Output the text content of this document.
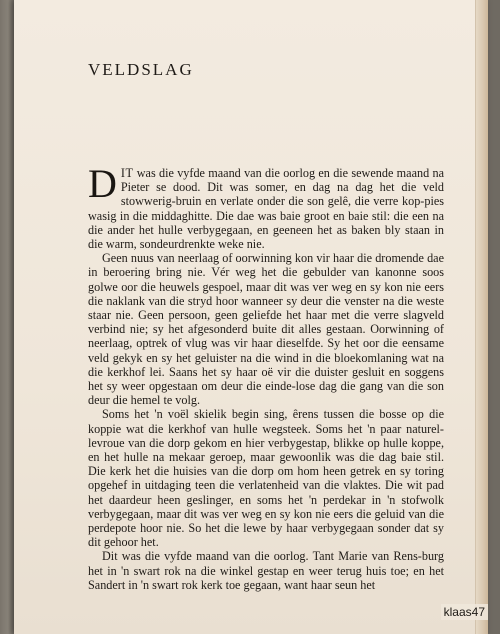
VELDSLAG

DIT was die vyfde maand van die oorlog en die sewende maand na Pieter se dood. Dit was somer, en dag na dag het die veld stowwerig-bruin en verlate onder die son gelê, die verre kop-pies wasig in die middaghitte. Die dae was baie groot en baie stil: die een na die ander het hulle verbygegaan, en geeneen het as baken bly staan in die warm, sondeurdrenkte weke nie.

Geen nuus van neerlaag of oorwinning kon vir haar die dromende dae in beroering bring nie. Vér weg het die gebulder van kanonne soos golwe oor die heuwels gespoel, maar dit was ver weg en sy kon nie eers die naklank van die stryd hoor wanneer sy deur die venster na die weste staar nie. Geen persoon, geen geliefde het haar met die verre slagveld verbind nie; sy het afgesonderd buite dit alles gestaan. Oorwinning of neerlaag, optrek of vlug was vir haar dieselfde. Sy het oor die eensame veld gekyk en sy het geluister na die wind in die bloekomlaning wat na die kerkhof lei. Saans het sy haar oë vir die duister gesluit en soggens het sy weer opgestaan om deur die einde-lose dag die gang van die son deur die hemel te volg.

Soms het 'n voël skielik begin sing, êrens tussen die bosse op die koppie wat die kerkhof van hulle wegsteek. Soms het 'n paar naturel-levroue van die dorp gekom en hier verbygestap, blikke op hulle koppe, en het hulle na mekaar geroep, maar gewoonlik was die dag baie stil. Die kerk het die huisies van die dorp om hom heen getrek en sy toring opgehef in uitdaging teen die verlatenheid van die vlaktes. Die wit pad het daardeur heen geslinger, en soms het 'n perdekar in 'n stofwolk verbygegaan, maar dit was ver weg en sy kon nie eers die geluid van die perdepote hoor nie. So het die lewe by haar verbygegaan sonder dat sy dit gehoor het.

Dit was die vyfde maand van die oorlog. Tant Marie van Rens-burg het in 'n swart rok na die winkel gestap en weer terug huis toe; en het Sandert in 'n swart rok kerk toe gegaan, want haar seun het

klaas47
